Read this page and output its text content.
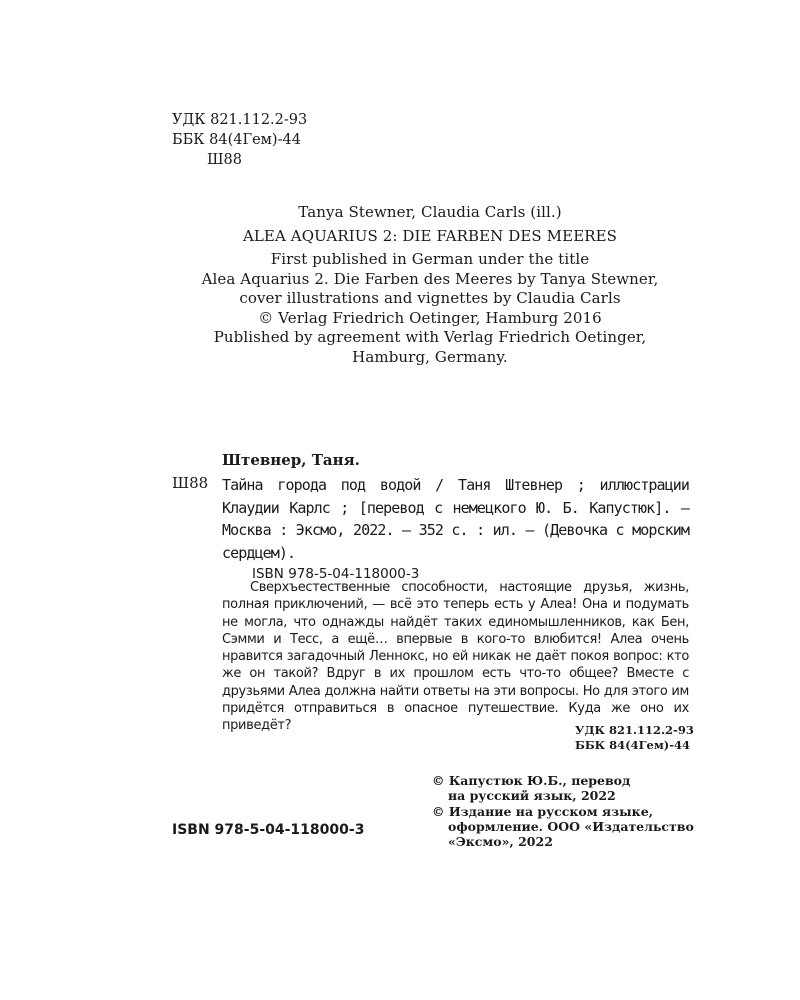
УДК 821.112.2-93
ББК 84(4Гем)-44
Ш88
Tanya Stewner, Claudia Carls (ill.)
ALEA AQUARIUS 2: DIE FARBEN DES MEERES
First published in German under the title
Alea Aquarius 2. Die Farben des Meeres by Tanya Stewner,
cover illustrations and vignettes by Claudia Carls
© Verlag Friedrich Oetinger, Hamburg 2016
Published by agreement with Verlag Friedrich Oetinger,
Hamburg, Germany.
Штевнер, Таня.
Ш88 Тайна города под водой / Таня Штевнер ; иллюстрации Клаудии Карлс ; [перевод с немецкого Ю. Б. Капустюк]. — Москва : Эксмо, 2022. — 352 с. : ил. — (Девочка с морским сердцем).
ISBN 978-5-04-118000-3

Сверхъестественные способности, настоящие друзья, жизнь, полная приключений, — всё это теперь есть у Алеа! Она и подумать не могла, что однажды найдёт таких единомышленников, как Бен, Сэмми и Тесс, а ещё… впервые в кого-то влюбится! Алеа очень нравится загадочный Леннокс, но ей никак не даёт покоя вопрос: кто же он такой? Вдруг в их прошлом есть что-то общее? Вместе с друзьями Алеа должна найти ответы на эти вопросы. Но для этого им придётся отправиться в опасное путешествие. Куда же оно их приведёт?	УДК 821.112.2-93
ББК 84(4Гем)-44
© Капустюк Ю.Б., перевод
на русский язык, 2022
© Издание на русском языке,
оформление. ООО «Издательство
«Эксмо», 2022
ISBN 978-5-04-118000-3
